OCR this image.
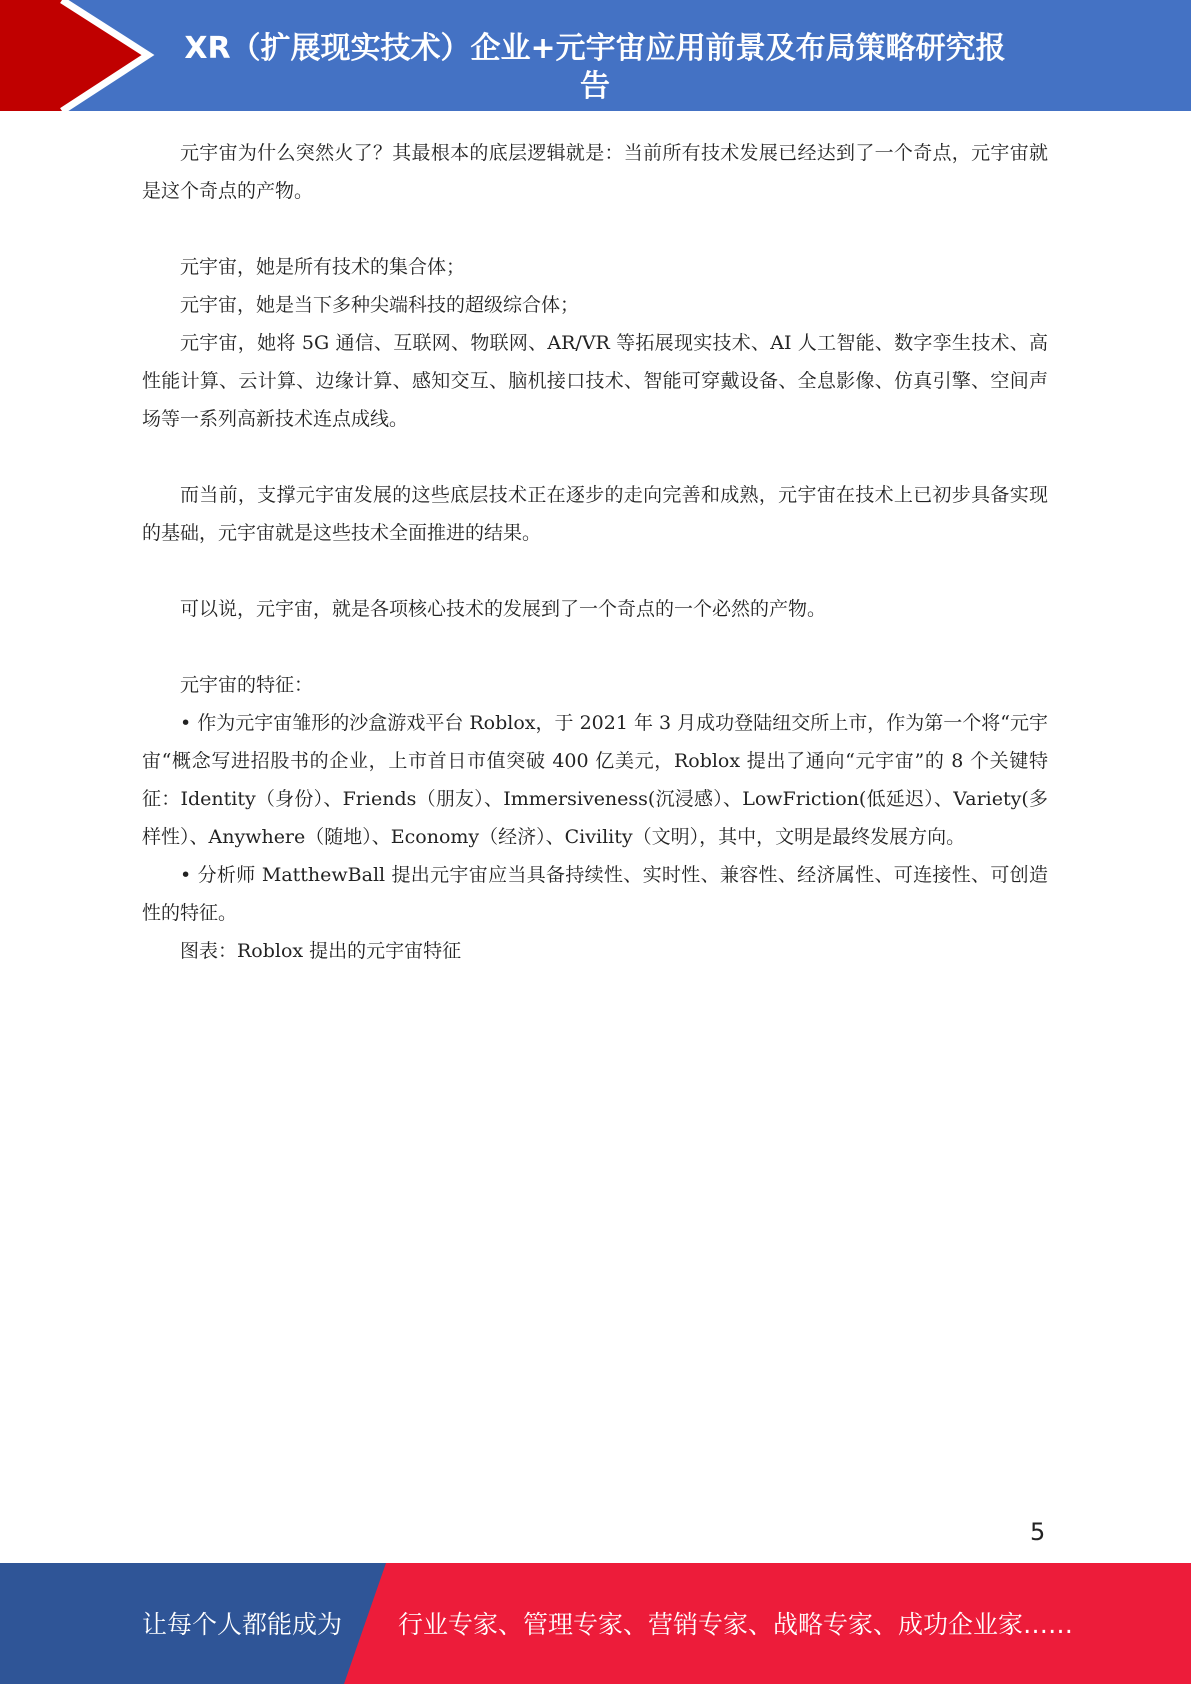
XR（扩展现实技术）企业+元宇宙应用前景及布局策略研究报告

元宇宙为什么突然火了？其最根本的底层逻辑就是：当前所有技术发展已经达到了一个奇点，元宇宙就是这个奇点的产物。

元宇宙，她是所有技术的集合体；

元宇宙，她是当下多种尖端科技的超级综合体；

元宇宙，她将 5G 通信、互联网、物联网、AR/VR 等拓展现实技术、AI 人工智能、数字孪生技术、高性能计算、云计算、边缘计算、感知交互、脑机接口技术、智能可穿戴设备、全息影像、仿真引擎、空间声场等一系列高新技术连点成线。

而当前，支撑元宇宙发展的这些底层技术正在逐步的走向完善和成熟，元宇宙在技术上已初步具备实现的基础，元宇宙就是这些技术全面推进的结果。

可以说，元宇宙，就是各项核心技术的发展到了一个奇点的一个必然的产物。

元宇宙的特征：

• 作为元宇宙雏形的沙盒游戏平台 Roblox，于 2021 年 3 月成功登陆纽交所上市，作为第一个将“元宇宙“概念写进招股书的企业，上市首日市值突破 400 亿美元，Roblox 提出了通向“元宇宙”的 8 个关键特征：Identity（身份）、Friends（朋友）、Immersiveness(沉浸感）、LowFriction(低延迟）、Variety(多样性）、Anywhere（随地）、Economy（经济）、Civility（文明），其中，文明是最终发展方向。

• 分析师 MatthewBall 提出元宇宙应当具备持续性、实时性、兼容性、经济属性、可连接性、可创造性的特征。

图表：Roblox 提出的元宇宙特征

5
让每个人都能成为 行业专家、管理专家、营销专家、战略专家、成功企业家……
